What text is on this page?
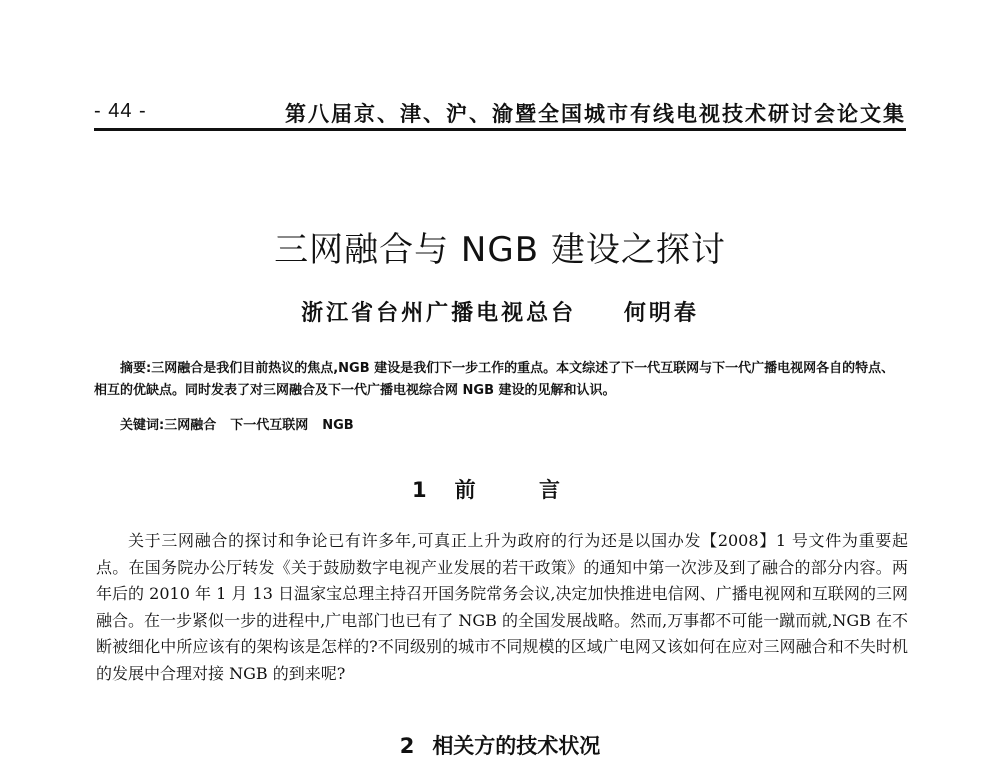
- 44 -	第八届京、津、沪、渝暨全国城市有线电视技术研讨会论文集
三网融合与 NGB 建设之探讨
浙江省台州广播电视总台 何明春
摘要:三网融合是我们目前热议的焦点,NGB 建设是我们下一步工作的重点。本文综述了下一代互联网与下一代广播电视网各自的特点、相互的优缺点。同时发表了对三网融合及下一代广播电视综合网 NGB 建设的见解和认识。
关键词:三网融合 下一代互联网 NGB
1 前 言
关于三网融合的探讨和争论已有许多年,可真正上升为政府的行为还是以国办发【2008】1 号文件为重要起点。在国务院办公厅转发《关于鼓励数字电视产业发展的若干政策》的通知中第一次涉及到了融合的部分内容。两年后的 2010 年 1 月 13 日温家宝总理主持召开国务院常务会议,决定加快推进电信网、广播电视网和互联网的三网融合。在一步紧似一步的进程中,广电部门也已有了 NGB 的全国发展战略。然而,万事都不可能一蹴而就,NGB 在不断被细化中所应该有的架构该是怎样的?不同级别的城市不同规模的区域广电网又该如何在应对三网融合和不失时机的发展中合理对接 NGB 的到来呢?
2 相关方的技术状况
